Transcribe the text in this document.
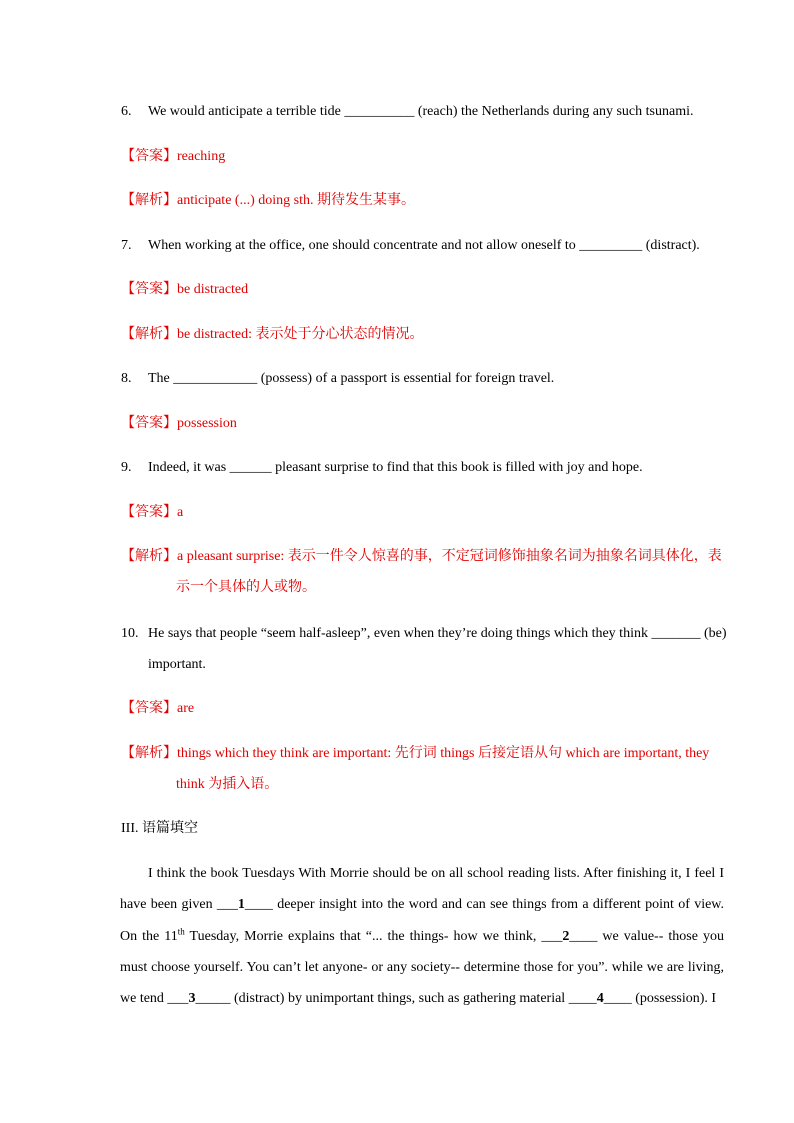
6. We would anticipate a terrible tide __________ (reach) the Netherlands during any such tsunami.
【答案】reaching
【解析】anticipate (...) doing sth. 期待发生某事。
7. When working at the office, one should concentrate and not allow oneself to _________ (distract).
【答案】be distracted
【解析】be distracted: 表示处于分心状态的情况。
8. The ____________ (possess) of a passport is essential for foreign travel.
【答案】possession
9. Indeed, it was ______ pleasant surprise to find that this book is filled with joy and hope.
【答案】a
【解析】a pleasant surprise: 表示一件令人惊喜的事，不定冠词修饰抽象名词为抽象名词具体化，表
示一个具体的人或物。
10. He says that people “seem half-asleep”, even when they’re doing things which they think _______ (be)
important.
【答案】are
【解析】things which they think are important: 先行词 things 后接定语从句 which are important, they
think 为插入语。
III. 语篇填空

I think the book Tuesdays With Morrie should be on all school reading lists. After finishing it, I feel I have been given ___1____ deeper insight into the word and can see things from a different point of view. On the 11th Tuesday, Morrie explains that “... the things- how we think, ___2____ we value-- those you must choose yourself. You can’t let anyone- or any society-- determine those for you”. while we are living, we tend ___3_____ (distract) by unimportant things, such as gathering material ____4____ (possession). I
